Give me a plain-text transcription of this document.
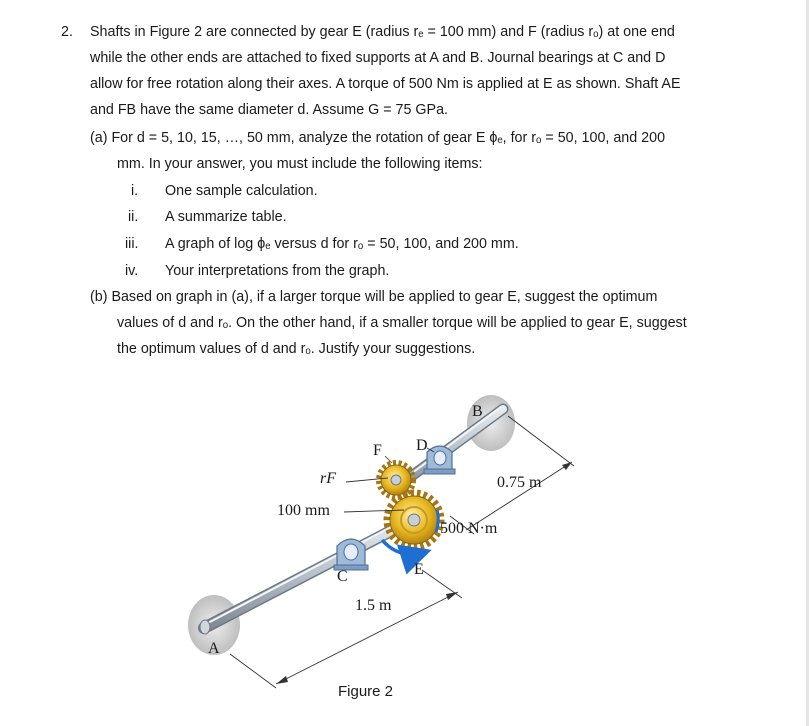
2. Shafts in Figure 2 are connected by gear E (radius rₑ = 100 mm) and F (radius rₒ) at one end
while the other ends are attached to fixed supports at A and B. Journal bearings at C and D
allow for free rotation along their axes. A torque of 500 Nm is applied at E as shown. Shaft AE
and FB have the same diameter d. Assume G = 75 GPa.
(a) For d = 5, 10, 15, …, 50 mm, analyze the rotation of gear E ϕₑ, for rₒ = 50, 100, and 200
mm. In your answer, you must include the following items:
i. One sample calculation.
ii. A summarize table.
iii. A graph of log ϕₑ versus d for rₒ = 50, 100, and 200 mm.
iv. Your interpretations from the graph.
(b) Based on graph in (a), if a larger torque will be applied to gear E, suggest the optimum
values of d and rₒ. On the other hand, if a smaller torque will be applied to gear E, suggest
the optimum values of d and rₒ. Justify your suggestions.
B
D
F
rF	0.75 m
100 mm
500 N·m
C	E
1.5 m
A
Figure 2
